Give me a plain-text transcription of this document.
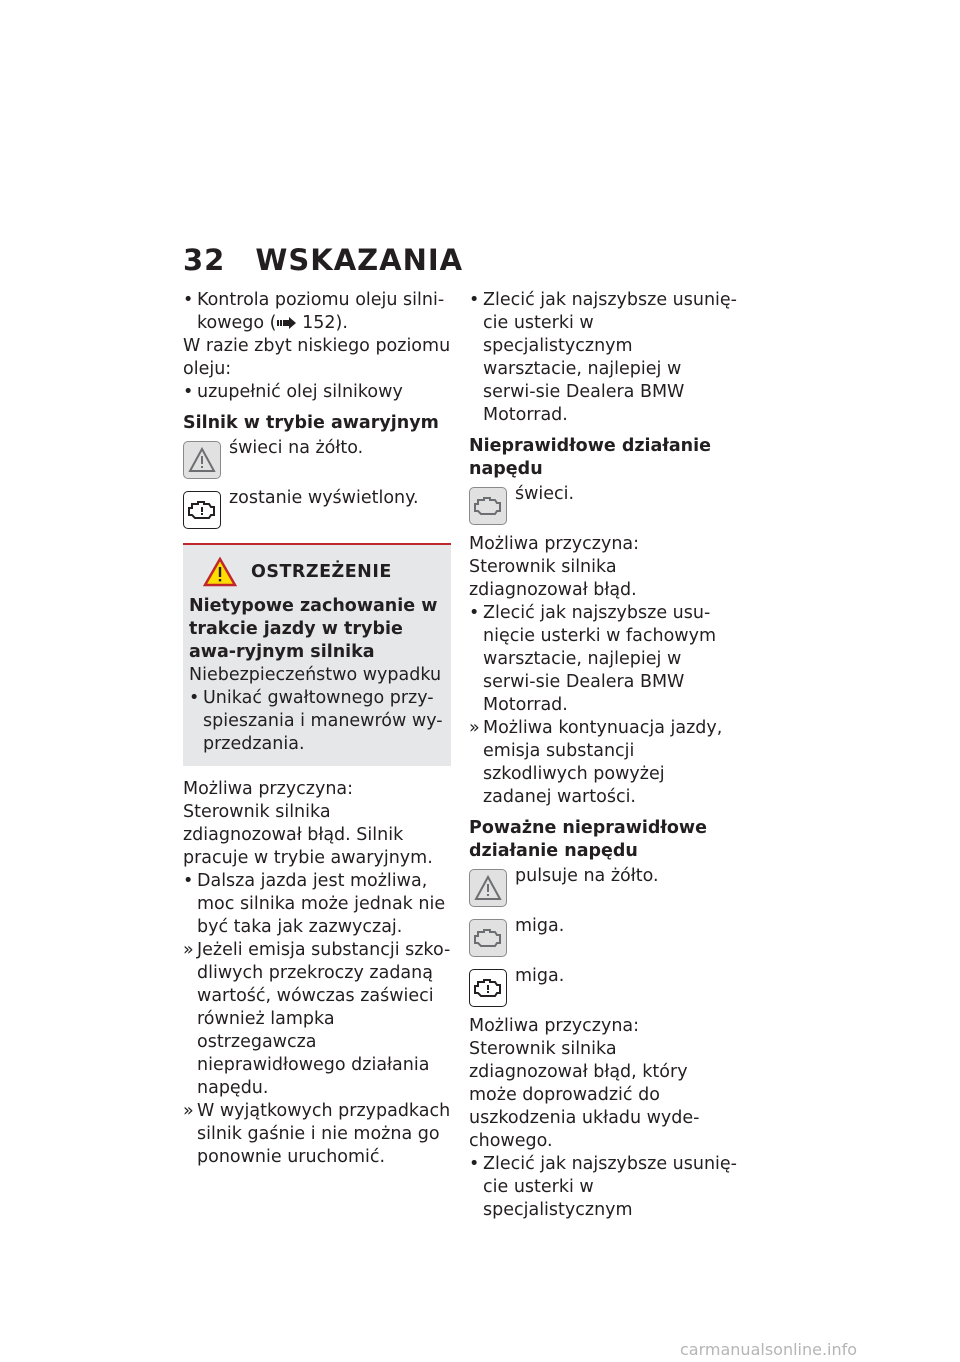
32 WSKAZANIA

• Kontrola poziomu oleju silni-kowego ( 152).

W razie zbyt niskiego poziomu oleju:

• uzupełnić olej silnikowy

Silnik w trybie awaryjnym

świeci na żółto.
zostanie wyświetlony.
OSTRZEŻENIE

Nietypowe zachowanie w trakcie jazdy w trybie awa-ryjnym silnika

Niebezpieczeństwo wypadku

• Unikać gwałtownego przy-spieszania i manewrów wy-przedzania.

Możliwa przyczyna:

Sterownik silnika zdiagnozował błąd. Silnik pracuje w trybie awaryjnym.

• Dalsza jazda jest możliwa, moc silnika może jednak nie być taka jak zazwyczaj.

» Jeżeli emisja substancji szko-dliwych przekroczy zadaną wartość, wówczas zaświeci również lampka ostrzegawcza nieprawidłowego działania napędu.

» W wyjątkowych przypadkach silnik gaśnie i nie można go ponownie uruchomić.

• Zlecić jak najszybsze usunię-cie usterki w specjalistycznym warsztacie, najlepiej w serwi-sie Dealera BMW Motorrad.

Nieprawidłowe działanie napędu

świeci.

Możliwa przyczyna:

Sterownik silnika zdiagnozował błąd.

• Zlecić jak najszybsze usu-nięcie usterki w fachowym warsztacie, najlepiej w serwi-sie Dealera BMW Motorrad.

» Możliwa kontynuacja jazdy, emisja substancji szkodliwych powyżej zadanej wartości.

Poważne nieprawidłowe działanie napędu

pulsuje na żółto.
miga.
miga.

Możliwa przyczyna:

Sterownik silnika zdiagnozował błąd, który może doprowadzić do uszkodzenia układu wyde-chowego.

• Zlecić jak najszybsze usunię-cie usterki w specjalistycznym

carmanualsonline.info
